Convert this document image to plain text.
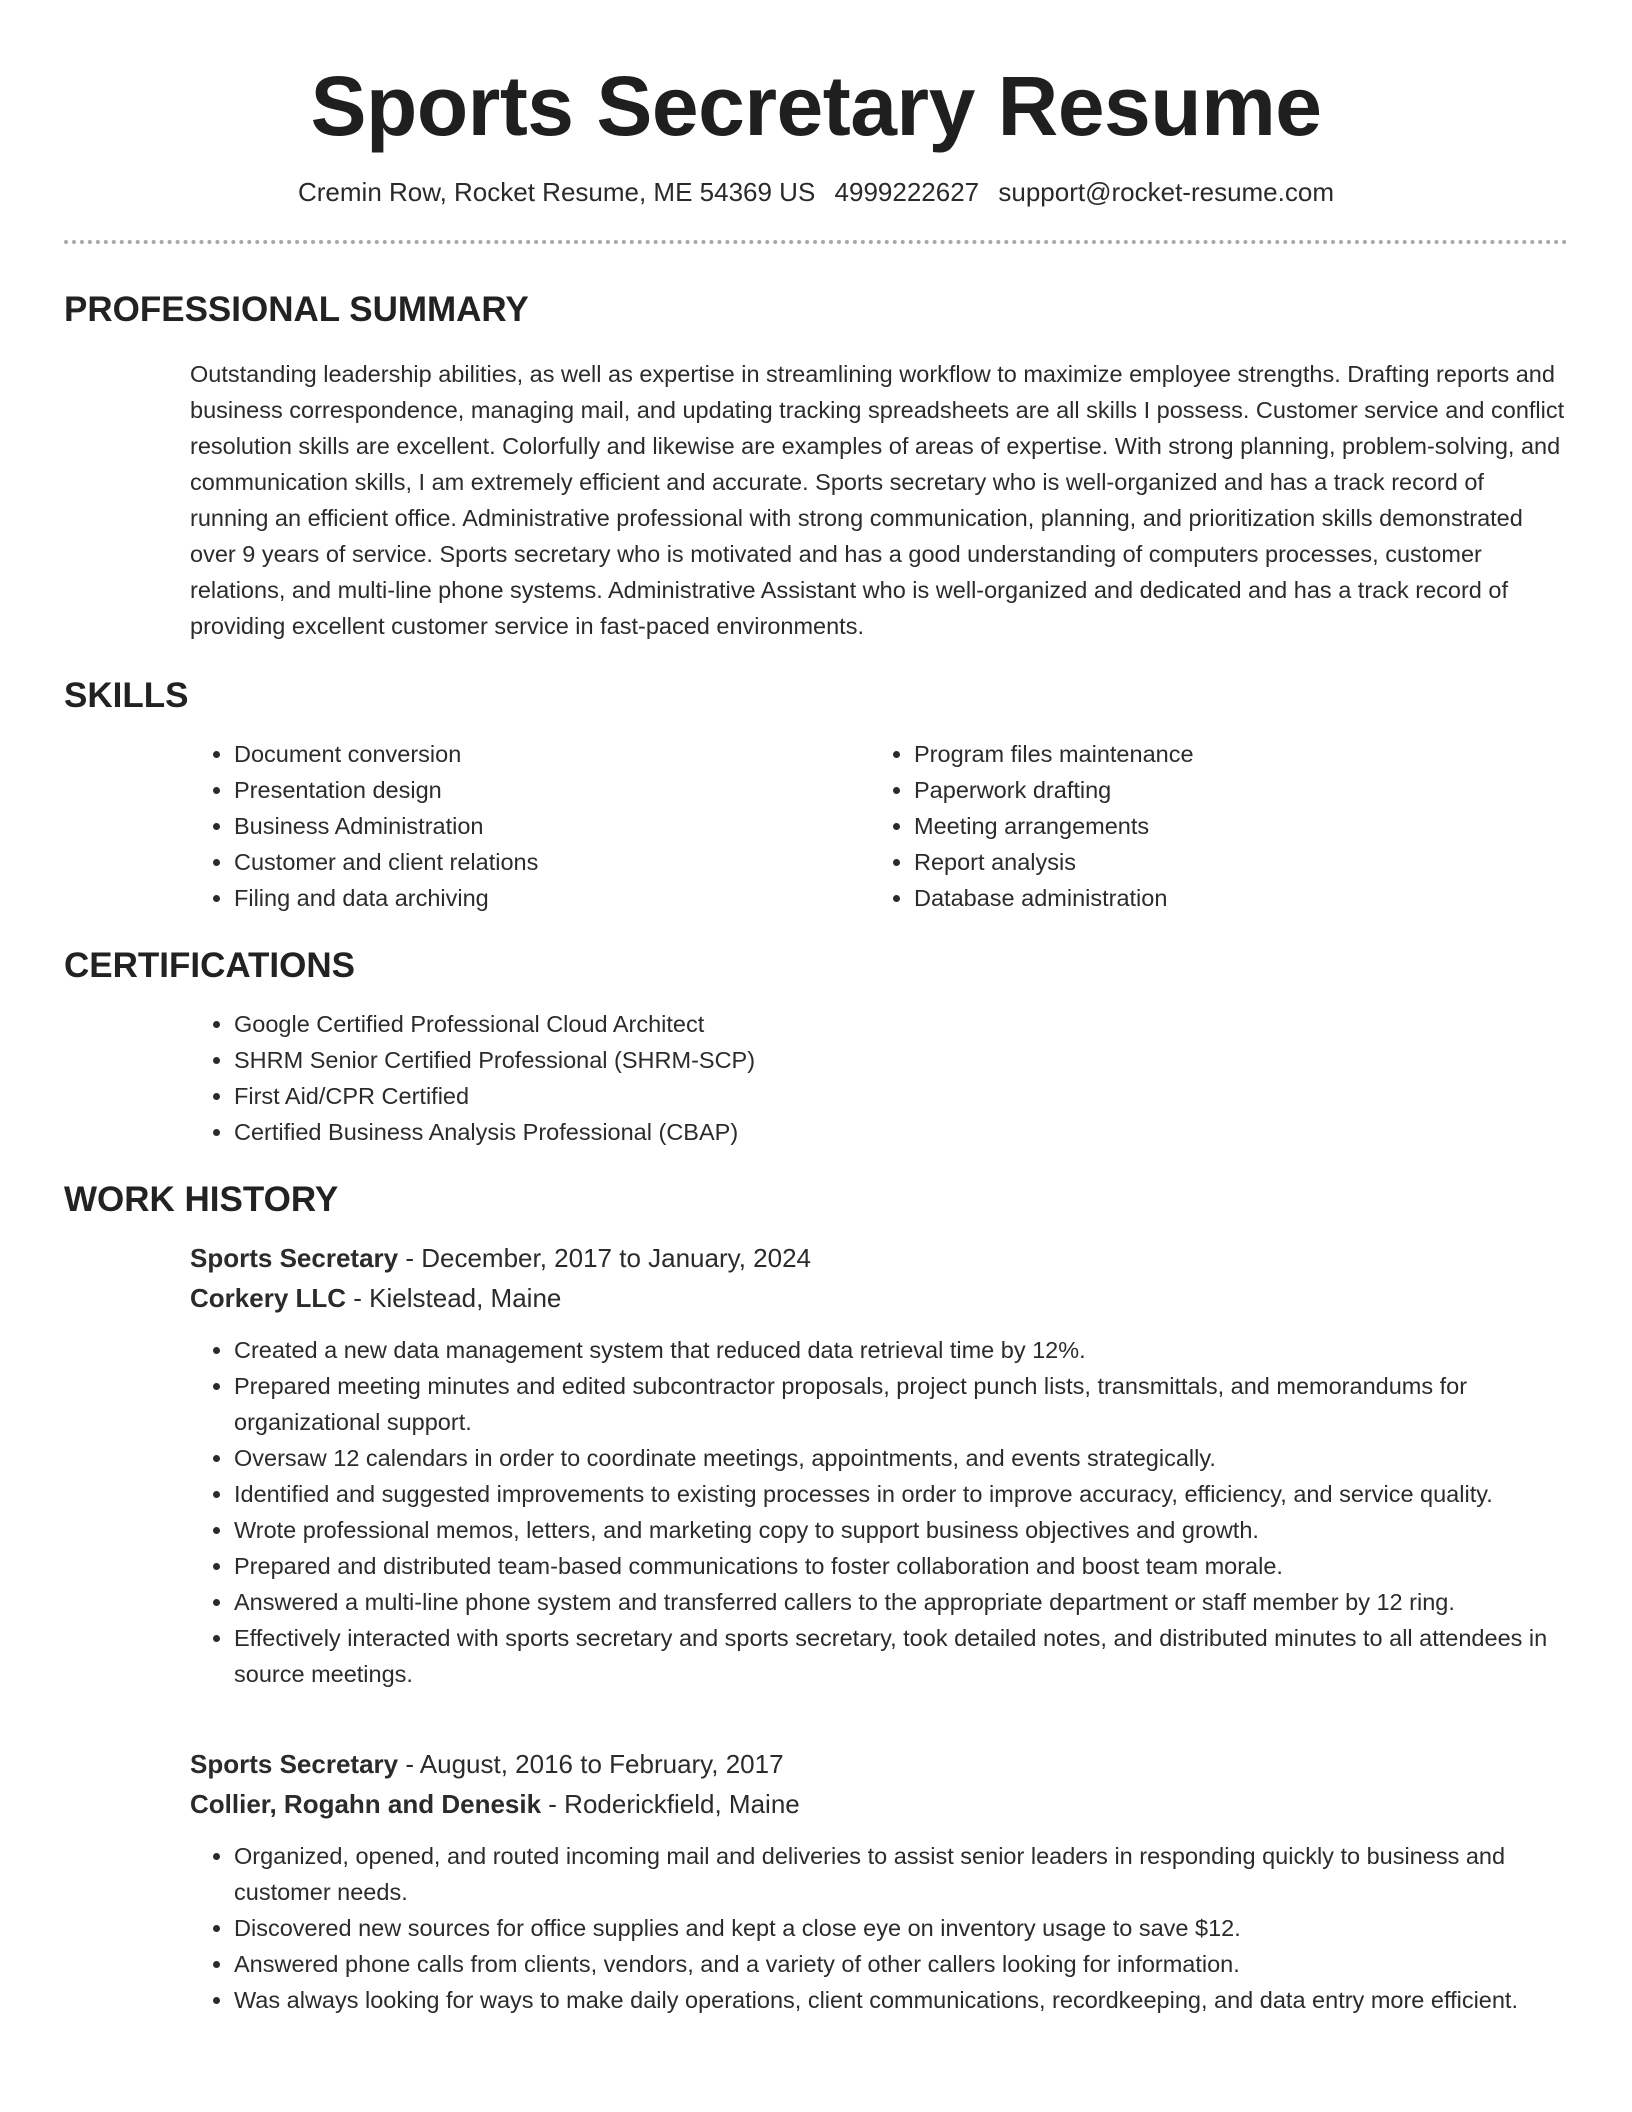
Sports Secretary Resume
Cremin Row, Rocket Resume, ME 54369 US 4999222627 support@rocket-resume.com
PROFESSIONAL SUMMARY

Outstanding leadership abilities, as well as expertise in streamlining workflow to maximize employee strengths. Drafting reports and business correspondence, managing mail, and updating tracking spreadsheets are all skills I possess. Customer service and conflict resolution skills are excellent. Colorfully and likewise are examples of areas of expertise. With strong planning, problem-solving, and communication skills, I am extremely efficient and accurate. Sports secretary who is well-organized and has a track record of running an efficient office. Administrative professional with strong communication, planning, and prioritization skills demonstrated over 9 years of service. Sports secretary who is motivated and has a good understanding of computers processes, customer relations, and multi-line phone systems. Administrative Assistant who is well-organized and dedicated and has a track record of providing excellent customer service in fast-paced environments.

SKILLS
• Document conversion
• Presentation design
• Business Administration
• Customer and client relations
• Filing and data archiving
• Program files maintenance
• Paperwork drafting
• Meeting arrangements
• Report analysis
• Database administration
CERTIFICATIONS
• Google Certified Professional Cloud Architect
• SHRM Senior Certified Professional (SHRM-SCP)
• First Aid/CPR Certified
• Certified Business Analysis Professional (CBAP)
WORK HISTORY
Sports Secretary - December, 2017 to January, 2024
Corkery LLC - Kielstead, Maine
• Created a new data management system that reduced data retrieval time by 12%.
• Prepared meeting minutes and edited subcontractor proposals, project punch lists, transmittals, and memorandums for organizational support.
• Oversaw 12 calendars in order to coordinate meetings, appointments, and events strategically.
• Identified and suggested improvements to existing processes in order to improve accuracy, efficiency, and service quality.
• Wrote professional memos, letters, and marketing copy to support business objectives and growth.
• Prepared and distributed team-based communications to foster collaboration and boost team morale.
• Answered a multi-line phone system and transferred callers to the appropriate department or staff member by 12 ring.
• Effectively interacted with sports secretary and sports secretary, took detailed notes, and distributed minutes to all attendees in source meetings.
Sports Secretary - August, 2016 to February, 2017
Collier, Rogahn and Denesik - Roderickfield, Maine
• Organized, opened, and routed incoming mail and deliveries to assist senior leaders in responding quickly to business and customer needs.
• Discovered new sources for office supplies and kept a close eye on inventory usage to save $12.
• Answered phone calls from clients, vendors, and a variety of other callers looking for information.
• Was always looking for ways to make daily operations, client communications, recordkeeping, and data entry more efficient.
